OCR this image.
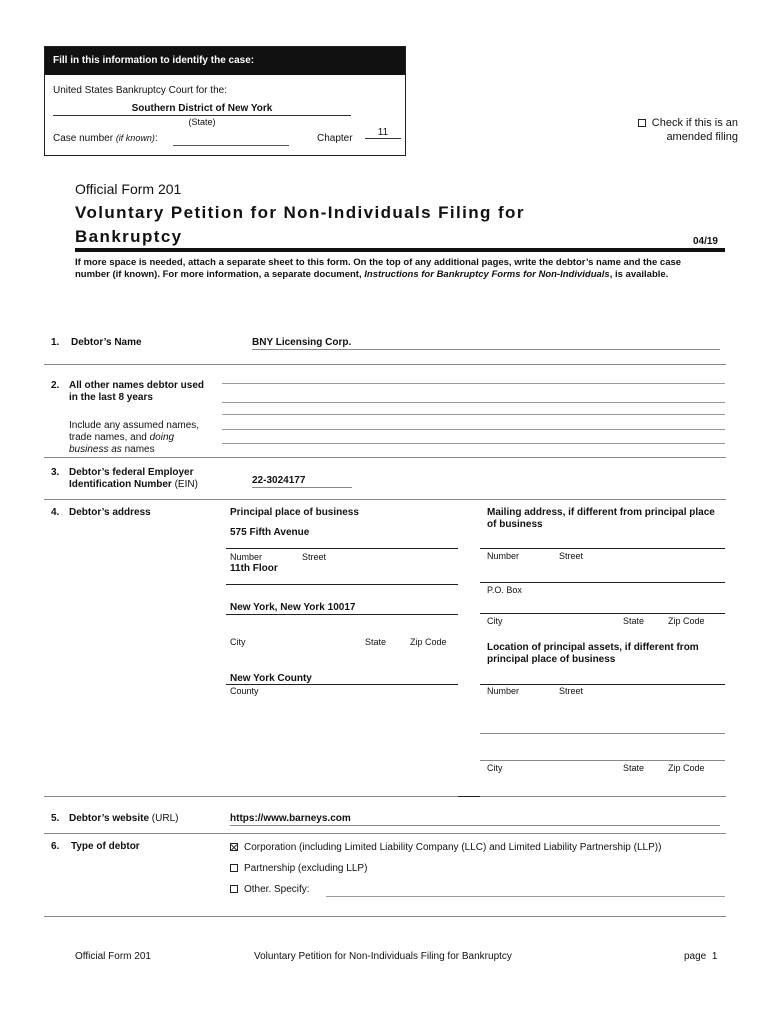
Fill in this information to identify the case:
United States Bankruptcy Court for the:
Southern District of New York
(State)
Case number (if known):	Chapter
11
Check if this is an
amended filing
Official Form 201
Voluntary Petition for Non-Individuals Filing for
Bankruptcy	04/19
If more space is needed, attach a separate sheet to this form. On the top of any additional pages, write the debtor’s name and the case number (if known). For more information, a separate document, Instructions for Bankruptcy Forms for Non-Individuals, is available.
1. Debtor’s Name	BNY Licensing Corp.
2. All other names debtor used
in the last 8 years
Include any assumed names,
trade names, and doing
business as names
3. Debtor’s federal Employer
Identification Number (EIN)	22-3024177
4. Debtor’s address	Principal place of business
575 Fifth Avenue
Number	Street
11th Floor
New York, New York 10017
City	State	Zip Code
New York County
County
Mailing address, if different from principal place
of business
Number	Street
P.O. Box
City	State	Zip Code
Location of principal assets, if different from
principal place of business
Number	Street
City	State	Zip Code
5. Debtor’s website (URL)	https://www.barneys.com
6. Type of debtor	Corporation (including Limited Liability Company (LLC) and Limited Liability Partnership (LLP))
Partnership (excluding LLP)
Other. Specify:
Official Form 201	Voluntary Petition for Non-Individuals Filing for Bankruptcy	page 1
